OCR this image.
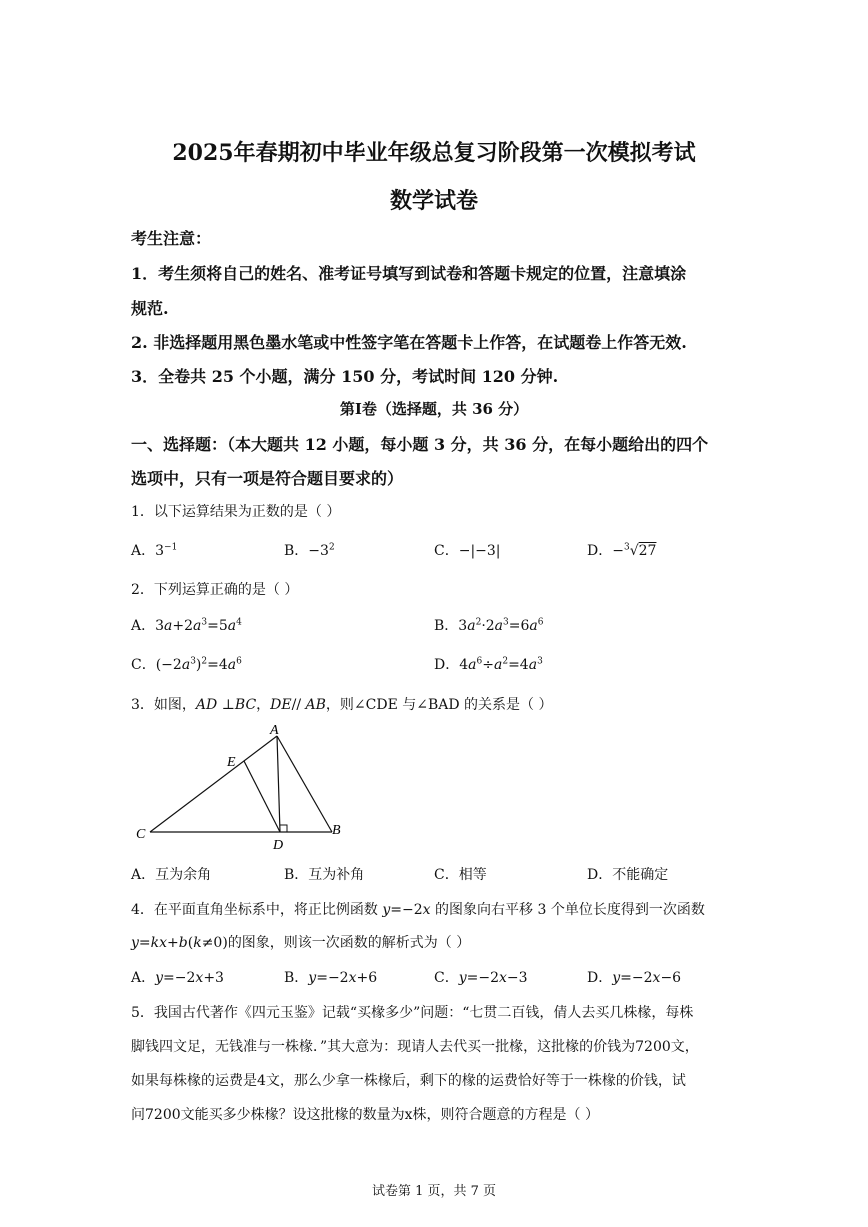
2025年春期初中毕业年级总复习阶段第一次模拟考试
数学试卷
考生注意：
1．考生须将自己的姓名、准考证号填写到试卷和答题卡规定的位置，注意填涂
规范.
2. 非选择题用黑色墨水笔或中性签字笔在答题卡上作答，在试题卷上作答无效.
3．全卷共 25 个小题，满分 150 分，考试时间 120 分钟.
第Ⅰ卷（选择题，共 36 分）
一、选择题：（本大题共 12 小题，每小题 3 分，共 36 分，在每小题给出的四个
选项中，只有一项是符合题目要求的）
1．以下运算结果为正数的是（ ）
A．$3^{-1}$	B．$-3^2$	C．−|−3|	D．−$^3$√27
2．下列运算正确的是（ ）
A．$3a+2a^3=5a^4$	B．$3a^2\cdot 2a^3=6a^6$
C．$(-2a^3)^2=4a^6$	D．$4a^6\div a^2=4a^3$
3．如图，AD ⊥BC，DE// AB，则∠CDE 与∠BAD 的关系是（ ）
A
E
C	B
D
A．互为余角	B．互为补角	C．相等	D．不能确定
4．在平面直角坐标系中，将正比例函数 y=−2x 的图象向右平移 3 个单位长度得到一次函数
y=kx+b(k≠0)的图象，则该一次函数的解析式为（ ）
A．y=−2x+3	B．y=−2x+6	C．y=−2x−3	D．y=−2x−6
5．我国古代著作《四元玉鉴》记载“买椽多少”问题：“七贯二百钱，倩人去买几株椽，每株
脚钱四文足，无钱准与一株椽．”其大意为：现请人去代买一批椽，这批椽的价钱为7200文，
如果每株椽的运费是4文，那么少拿一株椽后，剩下的椽的运费恰好等于一株椽的价钱，试
问7200文能买多少株椽？设这批椽的数量为x株，则符合题意的方程是（ ）
试卷第 1 页，共 7 页
